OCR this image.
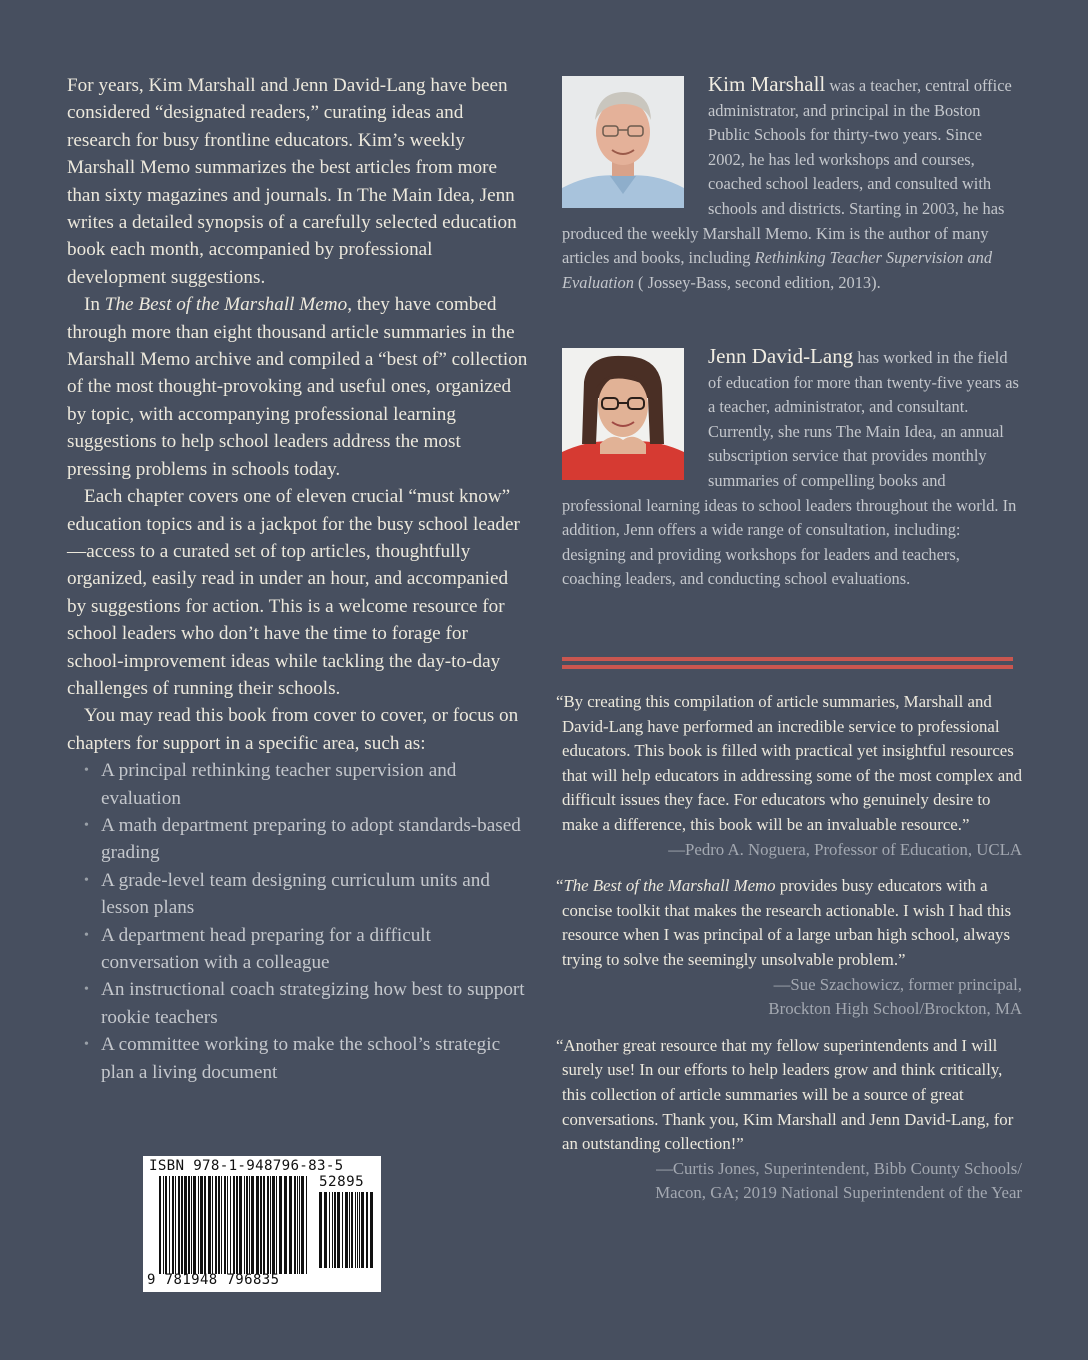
For years, Kim Marshall and Jenn David-Lang have been considered “designated readers,” curating ideas and research for busy frontline educators. Kim’s weekly Marshall Memo summarizes the best articles from more than sixty magazines and journals. In The Main Idea, Jenn writes a detailed synopsis of a carefully selected education book each month, accompanied by professional development suggestions.

In The Best of the Marshall Memo, they have combed through more than eight thousand article summaries in the Marshall Memo archive and compiled a “best of” collection of the most thought-provoking and useful ones, organized by topic, with accompanying professional learning suggestions to help school leaders address the most pressing problems in schools today.

Each chapter covers one of eleven crucial “must know” education topics and is a jackpot for the busy school leader—access to a curated set of top articles, thoughtfully organized, easily read in under an hour, and accompanied by suggestions for action. This is a welcome resource for school leaders who don’t have the time to forage for school-improvement ideas while tackling the day-to-day challenges of running their schools.

You may read this book from cover to cover, or focus on chapters for support in a specific area, such as:

• A principal rethinking teacher supervision and evaluation
• A math department preparing to adopt standards-based grading
• A grade-level team designing curriculum units and lesson plans
• A department head preparing for a difficult conversation with a colleague
• An instructional coach strategizing how best to support rookie teachers
• A committee working to make the school’s strategic plan a living document
Kim Marshall was a teacher, central office administrator, and principal in the Boston Public Schools for thirty-two years. Since 2002, he has led workshops and courses, coached school leaders, and consulted with schools and districts. Starting in 2003, he has produced the weekly Marshall Memo. Kim is the author of many articles and books, including Rethinking Teacher Supervision and Evaluation ( Jossey-Bass, second edition, 2013).
Jenn David-Lang has worked in the field of education for more than twenty-five years as a teacher, administrator, and consultant. Currently, she runs The Main Idea, an annual subscription service that provides monthly summaries of compelling books and professional learning ideas to school leaders throughout the world. In addition, Jenn offers a wide range of consultation, including: designing and providing workshops for leaders and teachers, coaching leaders, and conducting school evaluations.

“By creating this compilation of article summaries, Marshall and David-Lang have performed an incredible service to professional educators. This book is filled with practical yet insightful resources that will help educators in addressing some of the most complex and difficult issues they face. For educators who genuinely desire to make a difference, this book will be an invaluable resource.”

—Pedro A. Noguera, Professor of Education, UCLA

“The Best of the Marshall Memo provides busy educators with a concise toolkit that makes the research actionable. I wish I had this resource when I was principal of a large urban high school, always trying to solve the seemingly unsolvable problem.”

—Sue Szachowicz, former principal,

Brockton High School/Brockton, MA

“Another great resource that my fellow superintendents and I will surely use! In our efforts to help leaders grow and think critically, this collection of article summaries will be a source of great conversations. Thank you, Kim Marshall and Jenn David-Lang, for an outstanding collection!”

—Curtis Jones, Superintendent, Bibb County Schools/

Macon, GA; 2019 National Superintendent of the Year

ISBN 978-1-948796-83-5
52895
9 781948 796835
